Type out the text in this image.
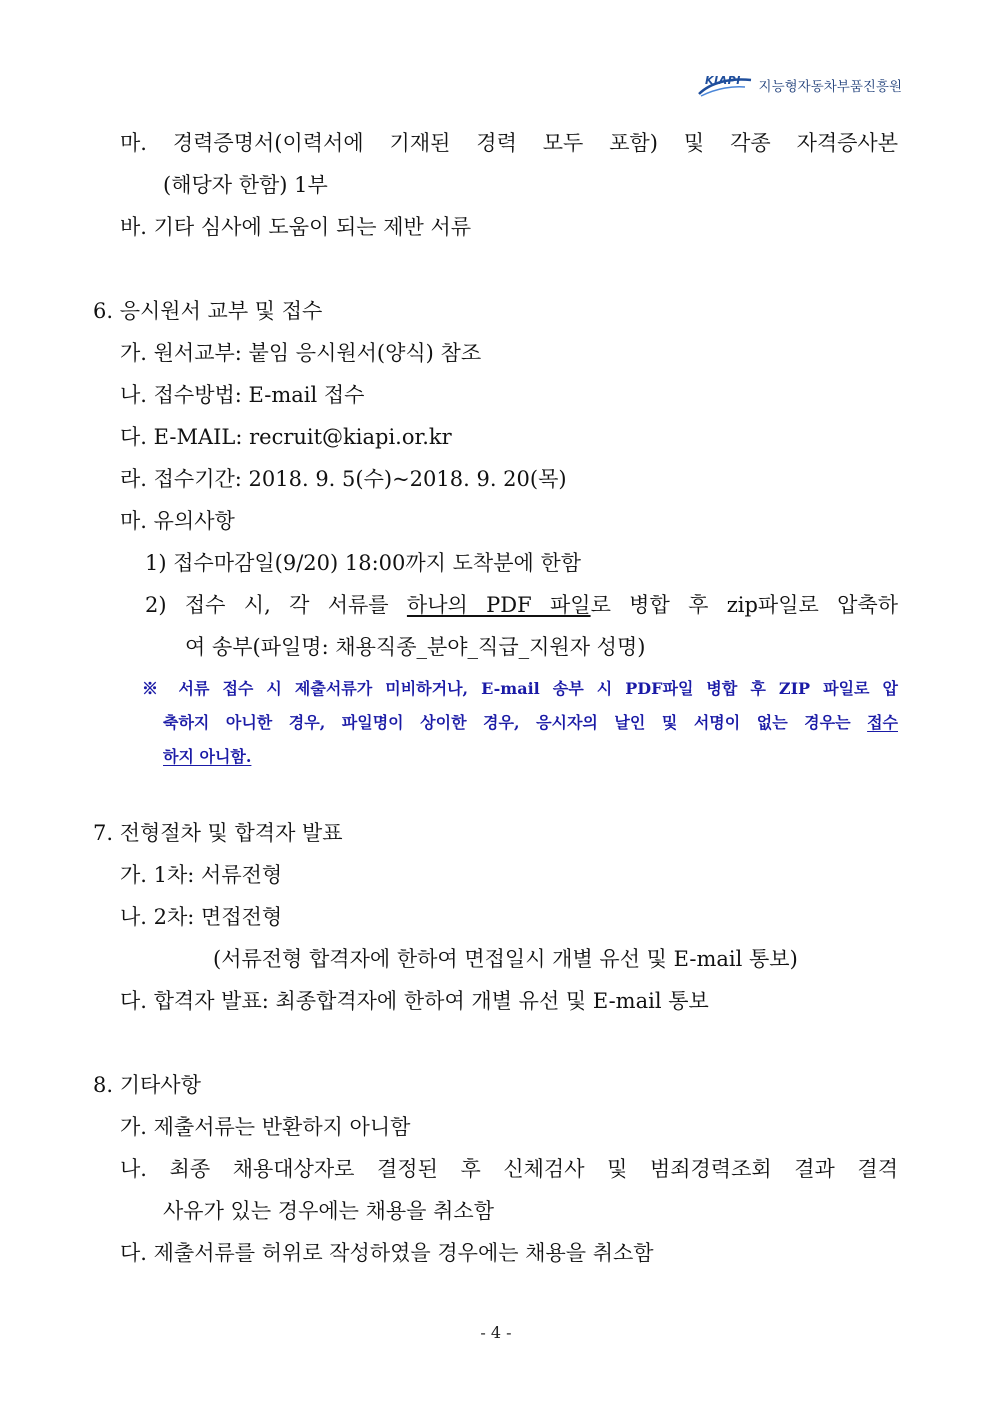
KIAPI 지능형자동차부품진흥원
마. 경력증명서(이력서에 기재된 경력 모두 포함) 및 각종 자격증사본
(해당자 한함) 1부
바. 기타 심사에 도움이 되는 제반 서류
6. 응시원서 교부 및 접수
가. 원서교부: 붙임 응시원서(양식) 참조
나. 접수방법: E-mail 접수
다. E-MAIL: recruit@kiapi.or.kr
라. 접수기간: 2018. 9. 5(수)~2018. 9. 20(목)
마. 유의사항
1) 접수마감일(9/20) 18:00까지 도착분에 한함
2) 접수 시, 각 서류를 하나의 PDF 파일로 병합 후 zip파일로 압축하
여 송부(파일명: 채용직종_분야_직급_지원자 성명)
※ 서류 접수 시 제출서류가 미비하거나, E-mail 송부 시 PDF파일 병합 후 ZIP 파일로 압
축하지 아니한 경우, 파일명이 상이한 경우, 응시자의 날인 및 서명이 없는 경우는 접수
하지 아니함.
7. 전형절차 및 합격자 발표
가. 1차: 서류전형
나. 2차: 면접전형
(서류전형 합격자에 한하여 면접일시 개별 유선 및 E-mail 통보)
다. 합격자 발표: 최종합격자에 한하여 개별 유선 및 E-mail 통보
8. 기타사항
가. 제출서류는 반환하지 아니함
나. 최종 채용대상자로 결정된 후 신체검사 및 범죄경력조회 결과 결격
사유가 있는 경우에는 채용을 취소함
다. 제출서류를 허위로 작성하였을 경우에는 채용을 취소함
- 4 -
